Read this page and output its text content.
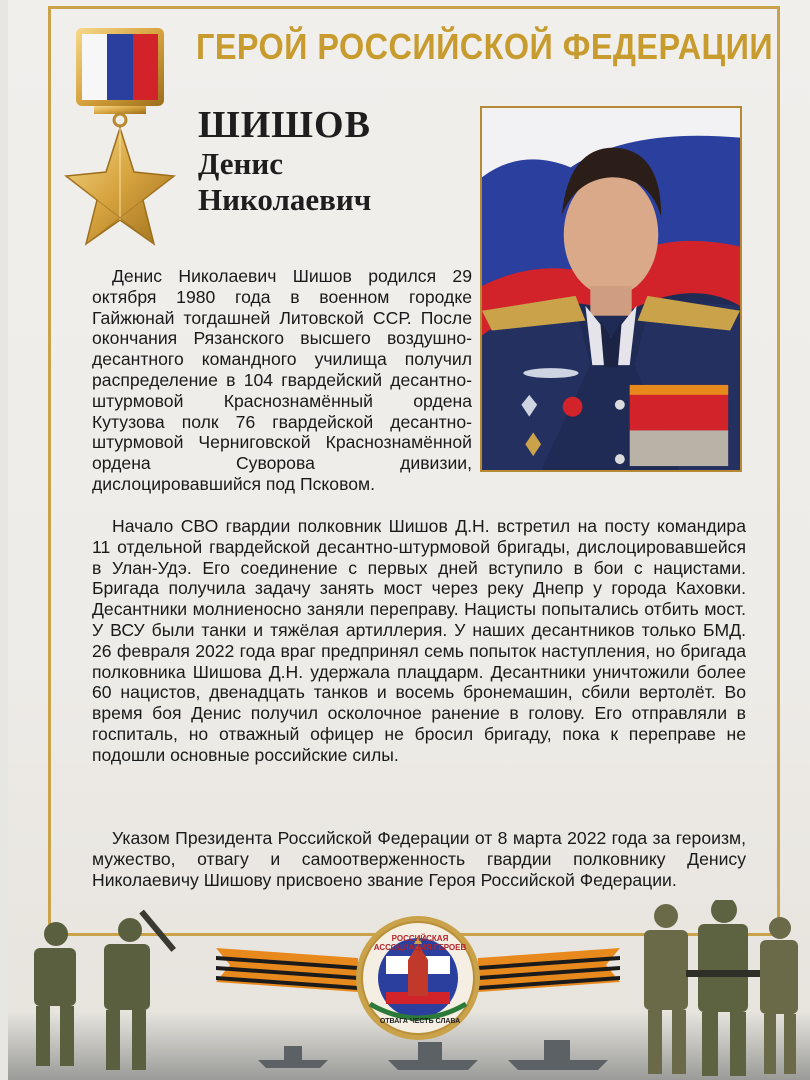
ГЕРОЙ РОССИЙСКОЙ ФЕДЕРАЦИИ
ШИШОВ
Денис
Николаевич
Денис Николаевич Шишов родился 29 октября 1980 года в военном городке Гайжюнай тогдашней Литовской ССР. После окончания Рязанского высшего воздушно-десантного командного училища получил распределение в 104 гвардейский десантно-штурмовой Краснознамённый ордена Кутузова полк 76 гвардейской десантно-штурмовой Черниговской Краснознамённой ордена Суворова дивизии, дислоцировавшийся под Псковом.
Начало СВО гвардии полковник Шишов Д.Н. встретил на посту командира 11 отдельной гвардейской десантно-штурмовой бригады, дислоцировавшейся в Улан-Удэ. Его соединение с первых дней вступило в бои с нацистами. Бригада получила задачу занять мост через реку Днепр у города Каховки. Десантники молниеносно заняли переправу. Нацисты попытались отбить мост. У ВСУ были танки и тяжёлая артиллерия. У наших десантников только БМД. 26 февраля 2022 года враг предпринял семь попыток наступления, но бригада полковника Шишова Д.Н. удержала плацдарм. Десантники уничтожили более 60 нацистов, двенадцать танков и восемь бронемашин, сбили вертолёт. Во время боя Денис получил осколочное ранение в голову. Его отправляли в госпиталь, но отважный офицер не бросил бригаду, пока к переправе не подошли основные российские силы.
Указом Президента Российской Федерации от 8 марта 2022 года за героизм, мужество, отвагу и самоотверженность гвардии полковнику Денису Николаевичу Шишову присвоено звание Героя Российской Федерации.
РОССИЙСКАЯ АССОЦИАЦИЯ ГЕРОЕВ
ОТВАГА ЧЕСТЬ СЛАВА
